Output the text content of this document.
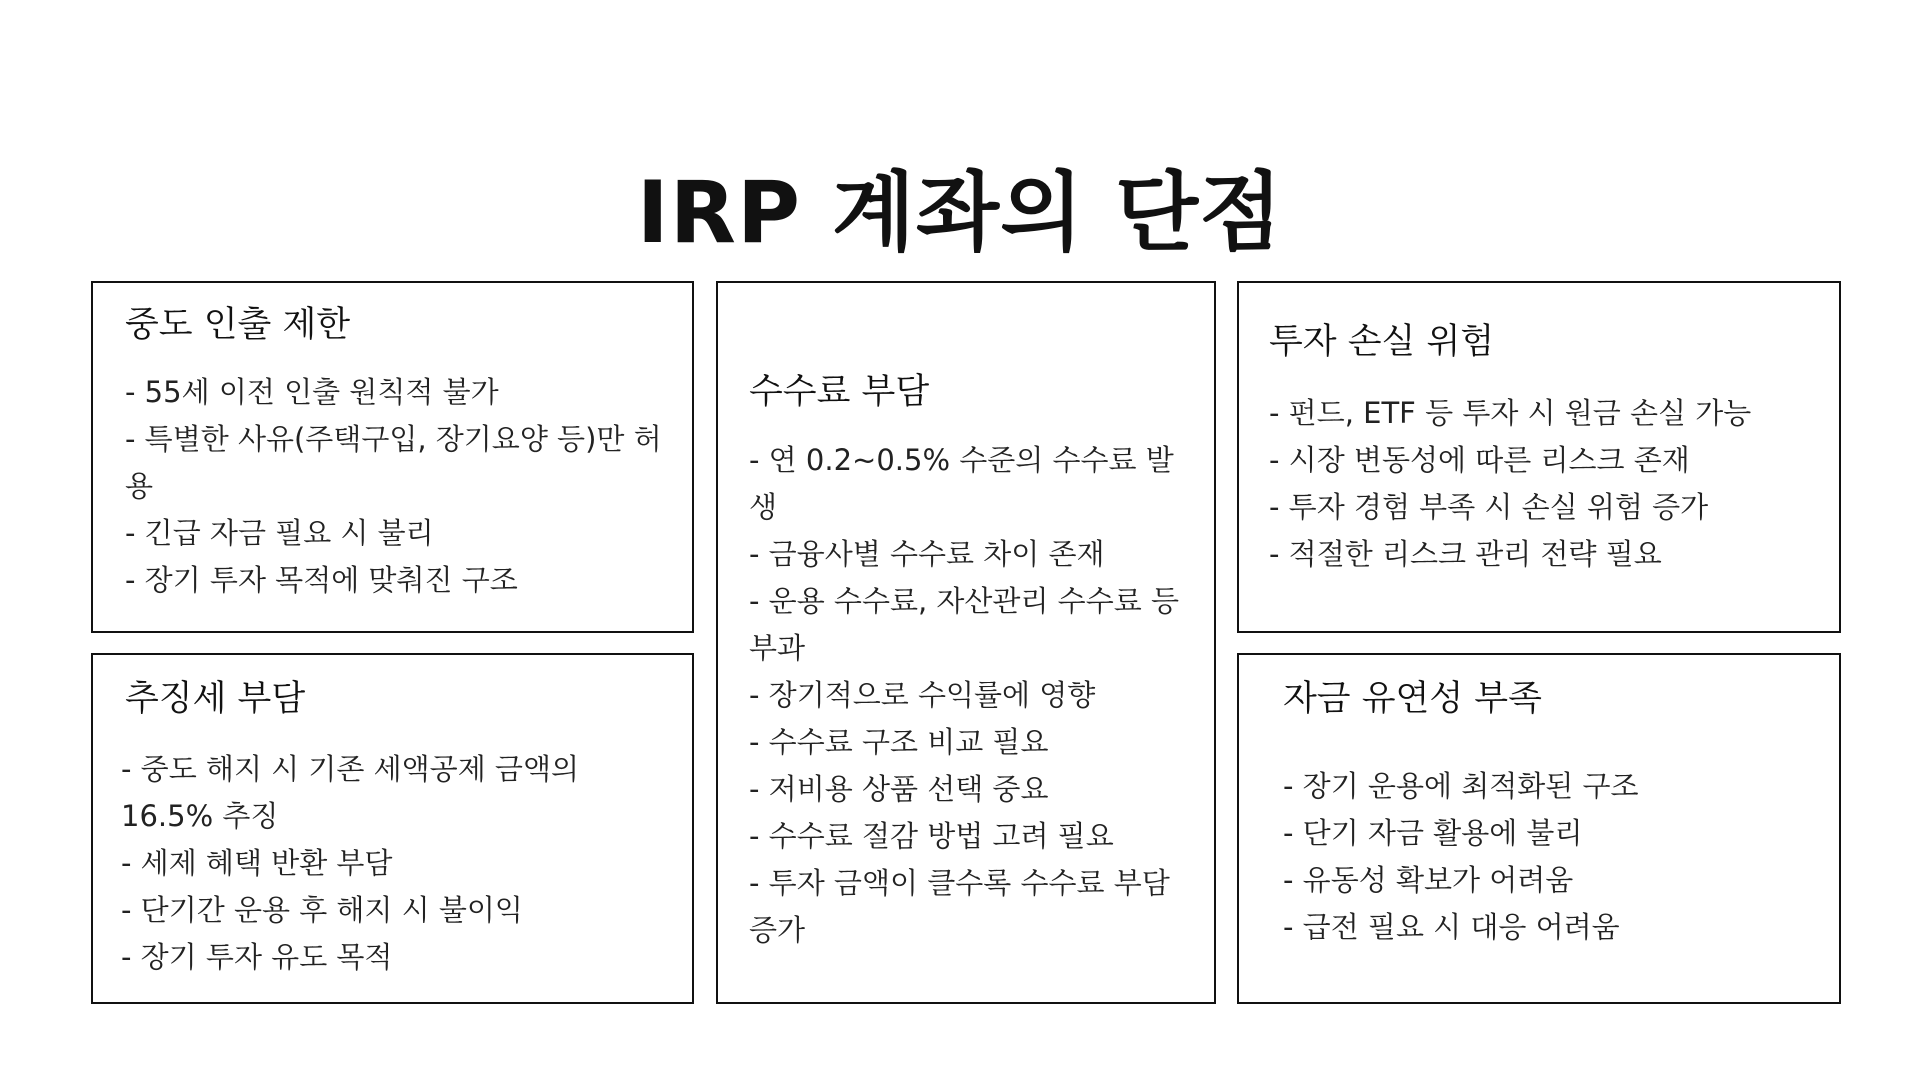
IRP 계좌의 단점
중도 인출 제한
- 55세 이전 인출 원칙적 불가
- 특별한 사유(주택구입, 장기요양 등)만 허용
- 긴급 자금 필요 시 불리
- 장기 투자 목적에 맞춰진 구조
수수료 부담
- 연 0.2~0.5% 수준의 수수료 발생
- 금융사별 수수료 차이 존재
- 운용 수수료, 자산관리 수수료 등 부과
- 장기적으로 수익률에 영향
- 수수료 구조 비교 필요
- 저비용 상품 선택 중요
- 수수료 절감 방법 고려 필요
- 투자 금액이 클수록 수수료 부담 증가
투자 손실 위험
- 펀드, ETF 등 투자 시 원금 손실 가능
- 시장 변동성에 따른 리스크 존재
- 투자 경험 부족 시 손실 위험 증가
- 적절한 리스크 관리 전략 필요
추징세 부담
- 중도 해지 시 기존 세액공제 금액의 16.5% 추징
- 세제 혜택 반환 부담
- 단기간 운용 후 해지 시 불이익
- 장기 투자 유도 목적
자금 유연성 부족
- 장기 운용에 최적화된 구조
- 단기 자금 활용에 불리
- 유동성 확보가 어려움
- 급전 필요 시 대응 어려움
